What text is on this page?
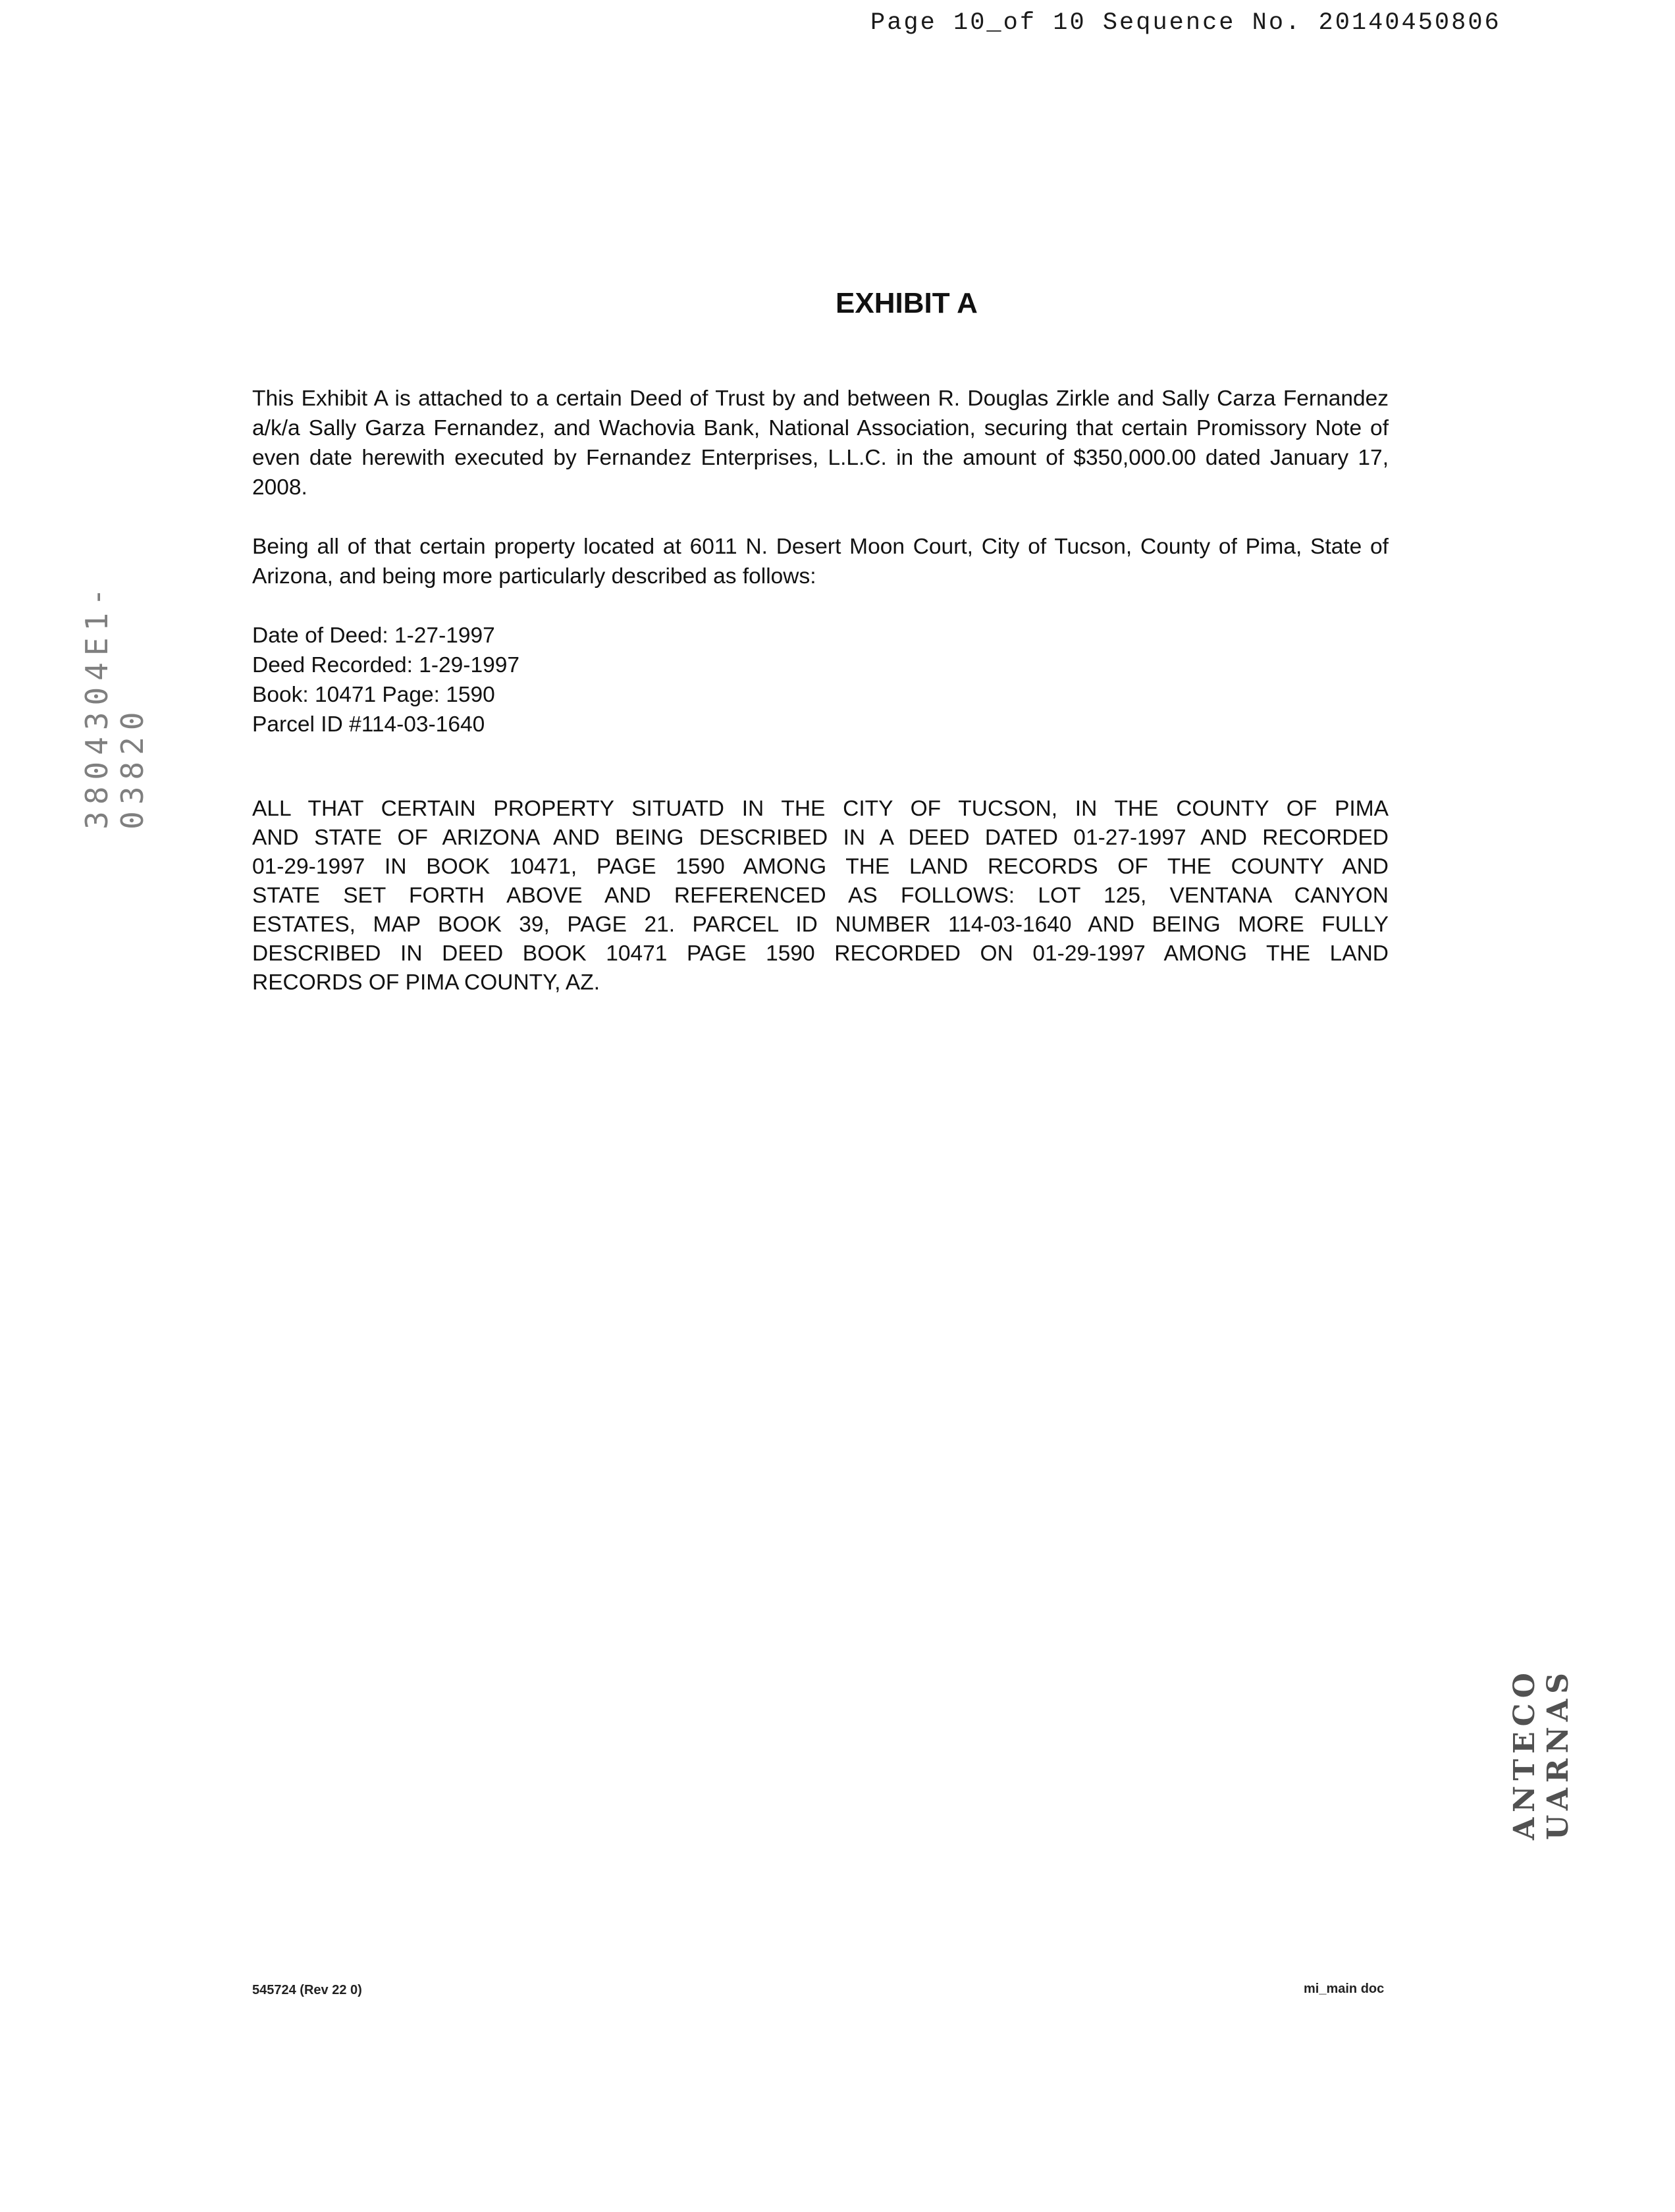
Page 10_of 10 Sequence No. 20140450806
3804304E1-03820
EXHIBIT A
This Exhibit A is attached to a certain Deed of Trust by and between R. Douglas Zirkle and Sally Carza Fernandez a/k/a Sally Garza Fernandez, and Wachovia Bank, National Association, securing that certain Promissory Note of even date herewith executed by Fernandez Enterprises, L.L.C. in the amount of $350,000.00 dated January 17, 2008.
Being all of that certain property located at 6011 N. Desert Moon Court, City of Tucson, County of Pima, State of Arizona, and being more particularly described as follows:
Date of Deed: 1-27-1997
Deed Recorded: 1-29-1997
Book: 10471 Page: 1590
Parcel ID #114-03-1640
ALL THAT CERTAIN PROPERTY SITUATD IN THE CITY OF TUCSON, IN THE COUNTY OF PIMA
AND STATE OF ARIZONA AND BEING DESCRIBED IN A DEED DATED 01-27-1997 AND RECORDED
01-29-1997 IN BOOK 10471, PAGE 1590 AMONG THE LAND RECORDS OF THE COUNTY AND
STATE SET FORTH ABOVE AND REFERENCED AS FOLLOWS: LOT 125, VENTANA CANYON
ESTATES, MAP BOOK 39, PAGE 21. PARCEL ID NUMBER 114-03-1640 AND BEING MORE FULLY
DESCRIBED IN DEED BOOK 10471 PAGE 1590 RECORDED ON 01-29-1997 AMONG THE LAND
RECORDS OF PIMA COUNTY, AZ.
ANTECO UARNAS
545724 (Rev 22 0)	mi_main doc
